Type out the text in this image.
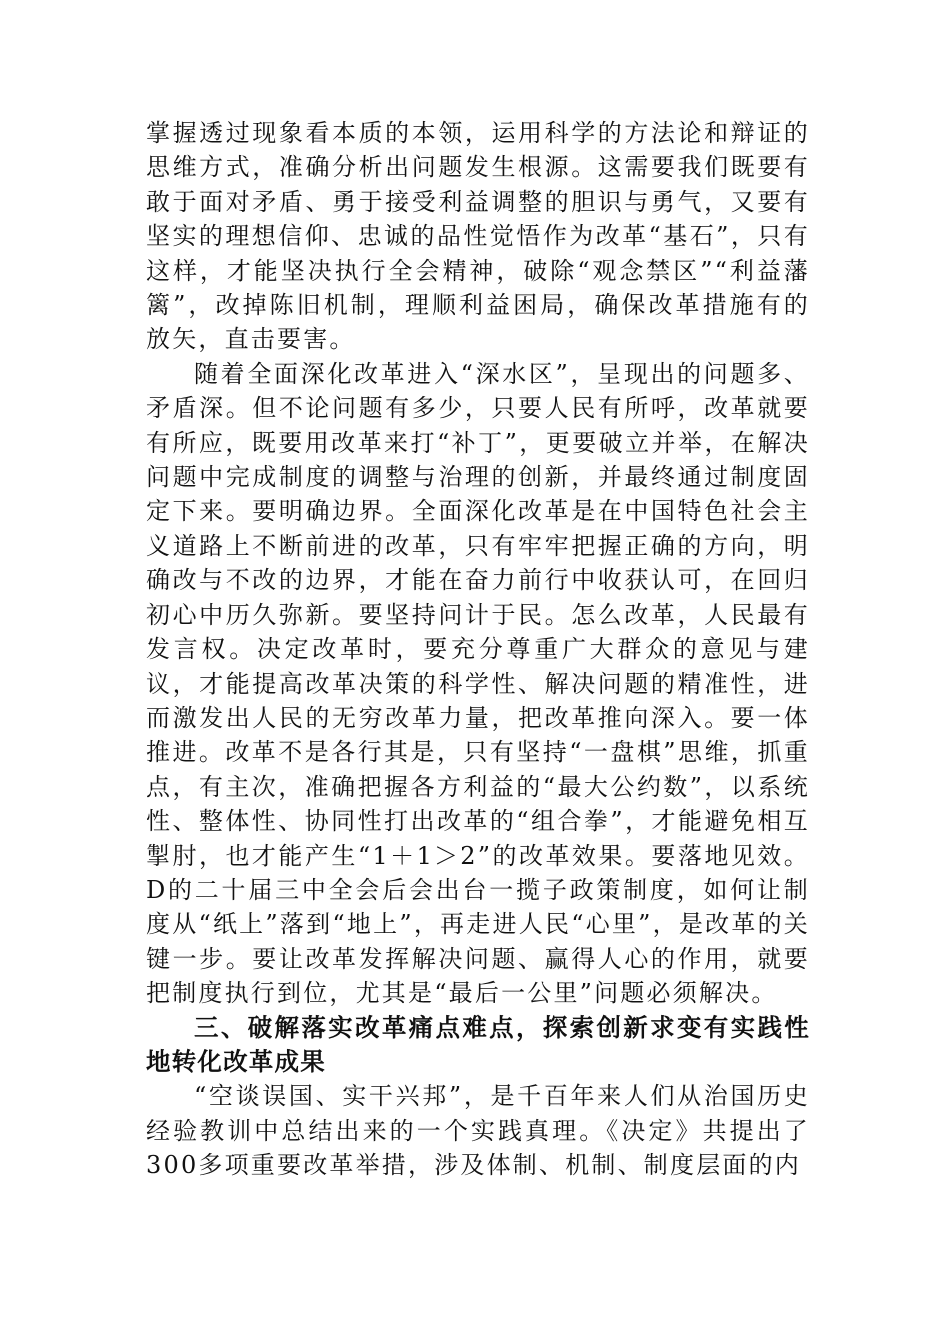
掌握透过现象看本质的本领，运用科学的方法论和辩证的思维方式，准确分析出问题发生根源。这需要我们既要有敢于面对矛盾、勇于接受利益调整的胆识与勇气，又要有坚实的理想信仰、忠诚的品性觉悟作为改革“基石”，只有这样，才能坚决执行全会精神，破除“观念禁区”“利益藩篱”，改掉陈旧机制，理顺利益困局，确保改革措施有的放矢，直击要害。

随着全面深化改革进入“深水区”，呈现出的问题多、矛盾深。但不论问题有多少，只要人民有所呼，改革就要有所应，既要用改革来打“补丁”，更要破立并举，在解决问题中完成制度的调整与治理的创新，并最终通过制度固定下来。要明确边界。全面深化改革是在中国特色社会主义道路上不断前进的改革，只有牢牢把握正确的方向，明确改与不改的边界，才能在奋力前行中收获认可，在回归初心中历久弥新。要坚持问计于民。怎么改革，人民最有发言权。决定改革时，要充分尊重广大群众的意见与建议，才能提高改革决策的科学性、解决问题的精准性，进而激发出人民的无穷改革力量，把改革推向深入。要一体推进。改革不是各行其是，只有坚持“一盘棋”思维，抓重点，有主次，准确把握各方利益的“最大公约数”，以系统性、整体性、协同性打出改革的“组合拳”，才能避免相互掣肘，也才能产生“1＋1＞2”的改革效果。要落地见效。D的二十届三中全会后会出台一揽子政策制度，如何让制度从“纸上”落到“地上”，再走进人民“心里”，是改革的关键一步。要让改革发挥解决问题、赢得人心的作用，就要把制度执行到位，尤其是“最后一公里”问题必须解决。

三、破解落实改革痛点难点，探索创新求变有实践性地转化改革成果

“空谈误国、实干兴邦”，是千百年来人们从治国历史经验教训中总结出来的一个实践真理。《决定》共提出了300多项重要改革举措，涉及体制、机制、制度层面的内
